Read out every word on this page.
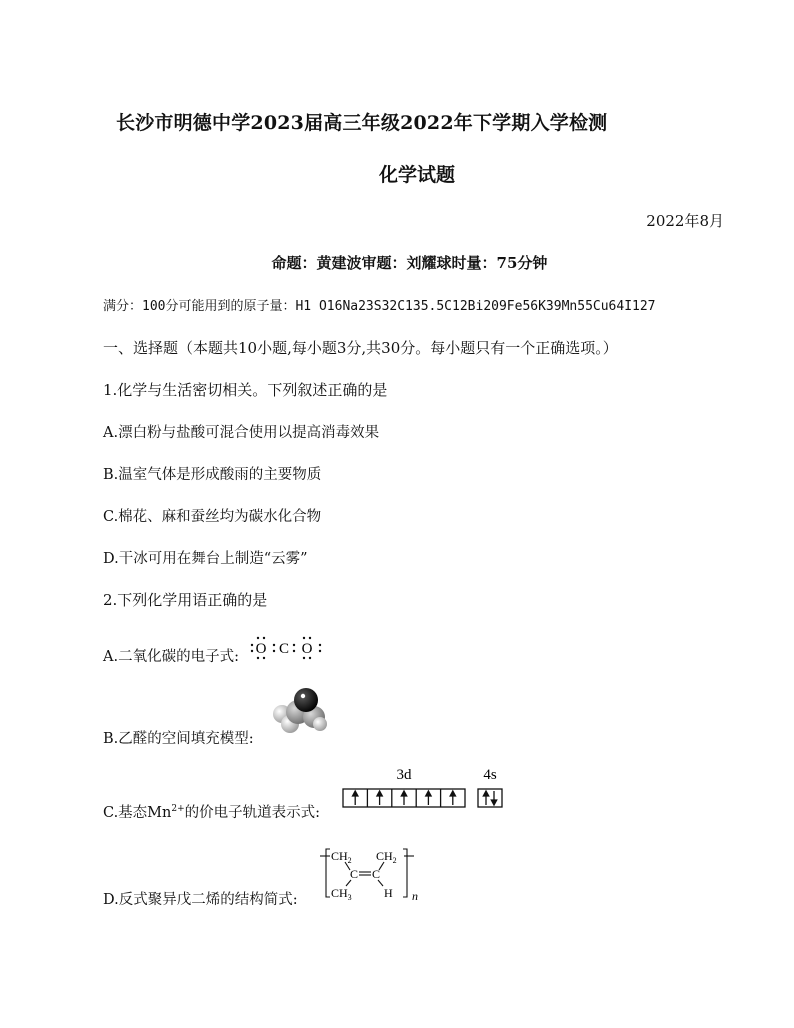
长沙市明德中学2023届高三年级2022年下学期入学检测
化学试题
2022年8月
命题：黄建波审题：刘耀球时量：75分钟
满分：100分可能用到的原子量：H1 O16Na23S32C135.5C12Bi209Fe56K39Mn55Cu64I127
一、选择题（本题共10小题,每小题3分,共30分。每小题只有一个正确选项。）
1.化学与生活密切相关。下列叙述正确的是
A.漂白粉与盐酸可混合使用以提高消毒效果
B.温室气体是形成酸雨的主要物质
C.棉花、麻和蚕丝均为碳水化合物
D.干冰可用在舞台上制造“云雾”
2.下列化学用语正确的是
A.二氧化碳的电子式: O C O
B.乙醛的空间填充模型:
C.基态$Mn^{2+}$的价电子轨道表示式:
3d	4s
D.反式聚异戊二烯的结构简式:
$CH_2$ $CH_2$
C C
$CH_3$	H n
